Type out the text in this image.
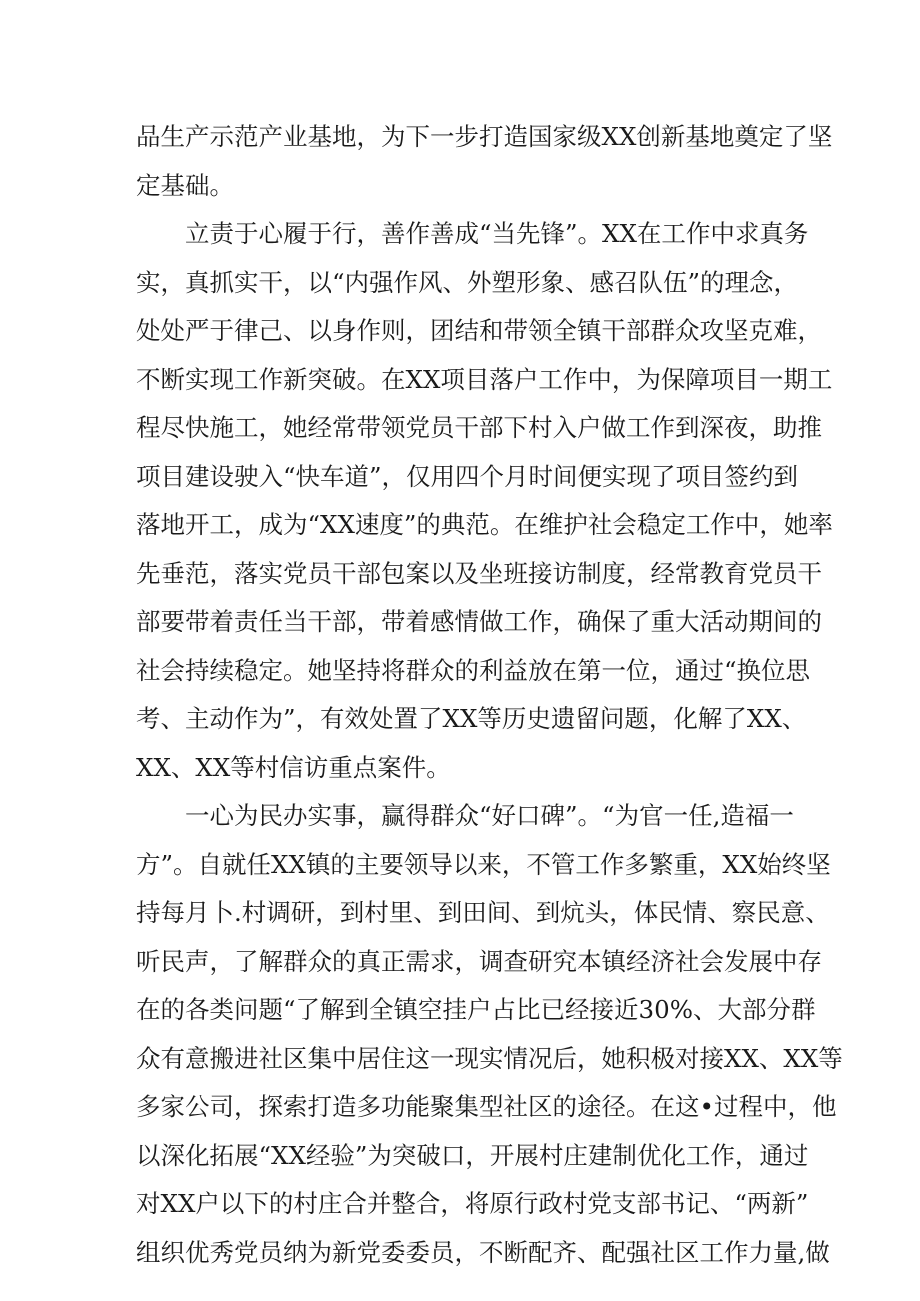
品生产示范产业基地，为下一步打造国家级XX创新基地奠定了坚
定基础。
立责于心履于行，善作善成“当先锋”。XX在工作中求真务
实，真抓实干，以“内强作风、外塑形象、感召队伍”的理念，
处处严于律己、以身作则，团结和带领全镇干部群众攻坚克难，
不断实现工作新突破。在XX项目落户工作中，为保障项目一期工
程尽快施工，她经常带领党员干部下村入户做工作到深夜，助推
项目建设驶入“快车道”，仅用四个月时间便实现了项目签约到
落地开工，成为“XX速度”的典范。在维护社会稳定工作中，她率
先垂范，落实党员干部包案以及坐班接访制度，经常教育党员干
部要带着责任当干部，带着感情做工作，确保了重大活动期间的
社会持续稳定。她坚持将群众的利益放在第一位，通过“换位思
考、主动作为”，有效处置了XX等历史遗留问题，化解了XX、
XX、XX等村信访重点案件。
一心为民办实事，赢得群众“好口碑”。“为官一任,造福一
方”。自就任XX镇的主要领导以来，不管工作多繁重，XX始终坚
持每月卜.村调研，到村里、到田间、到炕头，体民情、察民意、
听民声，了解群众的真正需求，调查研究本镇经济社会发展中存
在的各类问题“了解到全镇空挂户占比已经接近30%、大部分群
众有意搬进社区集中居住这一现实情况后，她积极对接XX、XX等
多家公司，探索打造多功能聚集型社区的途径。在这•过程中，他
以深化拓展“XX经验”为突破口，开展村庄建制优化工作，通过
对XX户以下的村庄合并整合，将原行政村党支部书记、“两新”
组织优秀党员纳为新党委委员，不断配齐、配强社区工作力量,做
